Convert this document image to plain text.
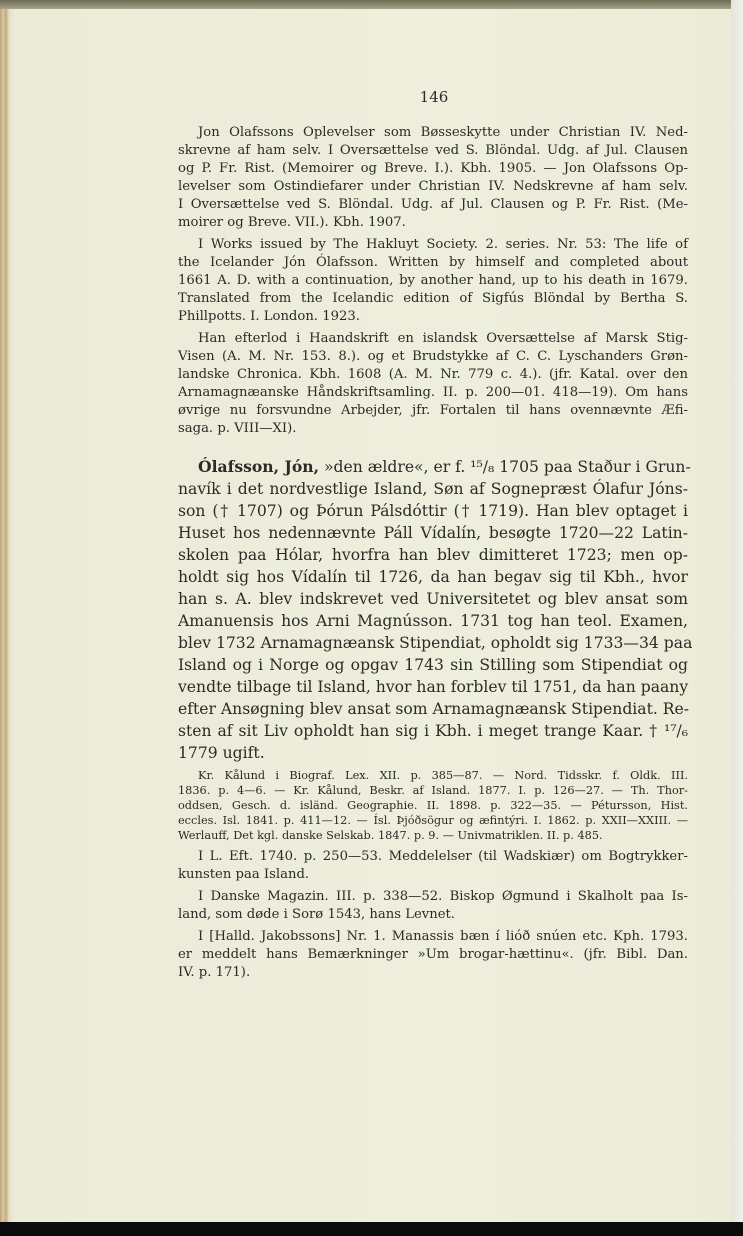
146
Jon Olafssons Oplevelser som Bøsseskytte under Christian IV. Ned-
skrevne af ham selv. I Oversættelse ved S. Blöndal. Udg. af Jul. Clausen
og P. Fr. Rist. (Memoirer og Breve. I.). Kbh. 1905. — Jon Olafssons Op-
levelser som Ostindiefarer under Christian IV. Nedskrevne af ham selv.
I Oversættelse ved S. Blöndal. Udg. af Jul. Clausen og P. Fr. Rist. (Me-
moirer og Breve. VII.). Kbh. 1907.
I Works issued by The Hakluyt Society. 2. series. Nr. 53: The life of
the Icelander Jón Ólafsson. Written by himself and completed about
1661 A. D. with a continuation, by another hand, up to his death in 1679.
Translated from the Icelandic edition of Sigfús Blöndal by Bertha S.
Phillpotts. I. London. 1923.
Han efterlod i Haandskrift en islandsk Oversættelse af Marsk Stig-
Visen (A. M. Nr. 153. 8.). og et Brudstykke af C. C. Lyschanders Grøn-
landske Chronica. Kbh. 1608 (A. M. Nr. 779 c. 4.). (jfr. Katal. over den
Arnamagnæanske Håndskriftsamling. II. p. 200—01. 418—19). Om hans
øvrige nu forsvundne Arbejder, jfr. Fortalen til hans ovennævnte Æfi-
saga. p. VIII—XI).
Ólafsson, Jón, »den ældre«, er f. ¹⁵/₈ 1705 paa Staður i Grun-
navík i det nordvestlige Island, Søn af Sognepræst Ólafur Jóns-
son († 1707) og Þórun Pálsdóttir († 1719). Han blev optaget i
Huset hos nedennævnte Páll Vídalín, besøgte 1720—22 Latin-
skolen paa Hólar, hvorfra han blev dimitteret 1723; men op-
holdt sig hos Vídalín til 1726, da han begav sig til Kbh., hvor
han s. A. blev indskrevet ved Universitetet og blev ansat som
Amanuensis hos Arni Magnússon. 1731 tog han teol. Examen,
blev 1732 Arnamagnæansk Stipendiat, opholdt sig 1733—34 paa
Island og i Norge og opgav 1743 sin Stilling som Stipendiat og
vendte tilbage til Island, hvor han forblev til 1751, da han paany
efter Ansøgning blev ansat som Arnamagnæansk Stipendiat. Re-
sten af sit Liv opholdt han sig i Kbh. i meget trange Kaar. † ¹⁷/₆
1779 ugift.
Kr. Kålund i Biograf. Lex. XII. p. 385—87. — Nord. Tidsskr. f. Oldk. III.
1836. p. 4—6. — Kr. Kålund, Beskr. af Island. 1877. I. p. 126—27. — Th. Thor-
oddsen, Gesch. d. isländ. Geographie. II. 1898. p. 322—35. — Pétursson, Hist.
eccles. Isl. 1841. p. 411—12. — Ísl. Þjóðsögur og æfintýri. I. 1862. p. XXII—XXIII. —
Werlauff, Det kgl. danske Selskab. 1847. p. 9. — Univmatriklen. II. p. 485.
I L. Eft. 1740. p. 250—53. Meddelelser (til Wadskiær) om Bogtrykker-
kunsten paa Island.
I Danske Magazin. III. p. 338—52. Biskop Øgmund i Skalholt paa Is-
land, som døde i Sorø 1543, hans Levnet.
I [Halld. Jakobssons] Nr. 1. Manassis bæn í lióð snúen etc. Kph. 1793.
er meddelt hans Bemærkninger »Um brogar-hættinu«. (jfr. Bibl. Dan.
IV. p. 171).
